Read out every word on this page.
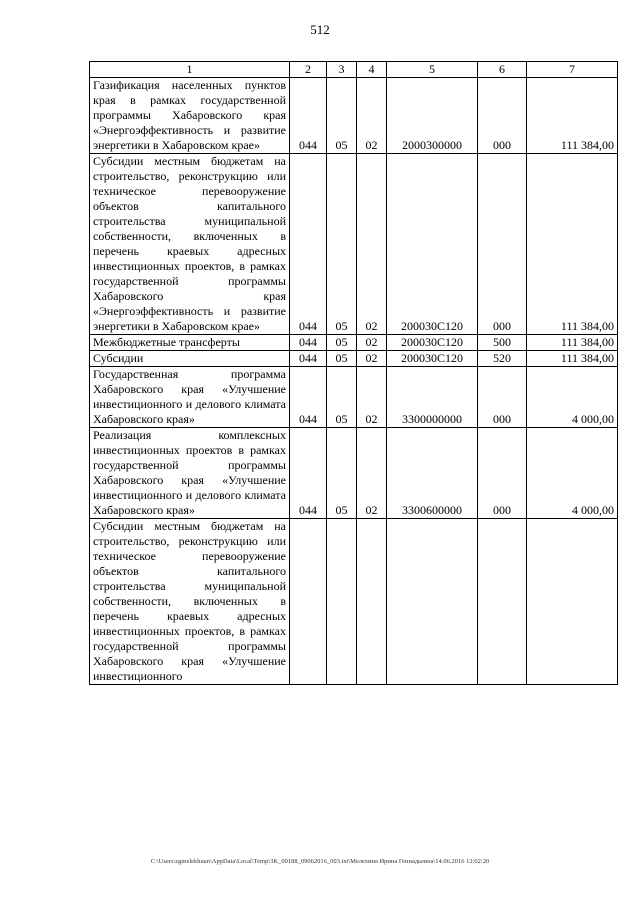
512
1	2	3	4	5	6	7
Газификация населенных пунктов края в рамках государственной программы Хабаровского края «Энергоэффективность и развитие энергетики в Хабаровском крае»	044	05	02	2000300000	000	111 384,00
Субсидии местным бюджетам на строительство, реконструкцию или техническое перевооружение объектов капитального строительства муниципальной собственности, включенных в перечень краевых адресных инвестиционных проектов, в рамках государственной программы Хабаровского края «Энергоэффективность и развитие энергетики в Хабаровском крае»	044	05	02	200030С120	000	111 384,00
Межбюджетные трансферты	044	05	02	200030С120	500	111 384,00
Субсидии	044	05	02	200030С120	520	111 384,00
Государственная программа Хабаровского края «Улучшение инвестиционного и делового климата Хабаровского края»	044	05	02	3300000000	000	4 000,00
Реализация комплексных инвестиционных проектов в рамках государственной программы Хабаровского края «Улучшение инвестиционного и делового климата Хабаровского края»	044	05	02	3300600000	000	4 000,00
Субсидии местным бюджетам на строительство, реконструкцию или техническое перевооружение объектов капитального строительства муниципальной собственности, включенных в перечень краевых адресных инвестиционных проектов, в рамках государственной программы Хабаровского края «Улучшение инвестиционного						
C:\Users\zgmelekhuan\AppData\Local\Temp\3K_00188_09062016_003.txt\Мелехина Ирина Геннадьевна\14.06.2016 12:02:20
